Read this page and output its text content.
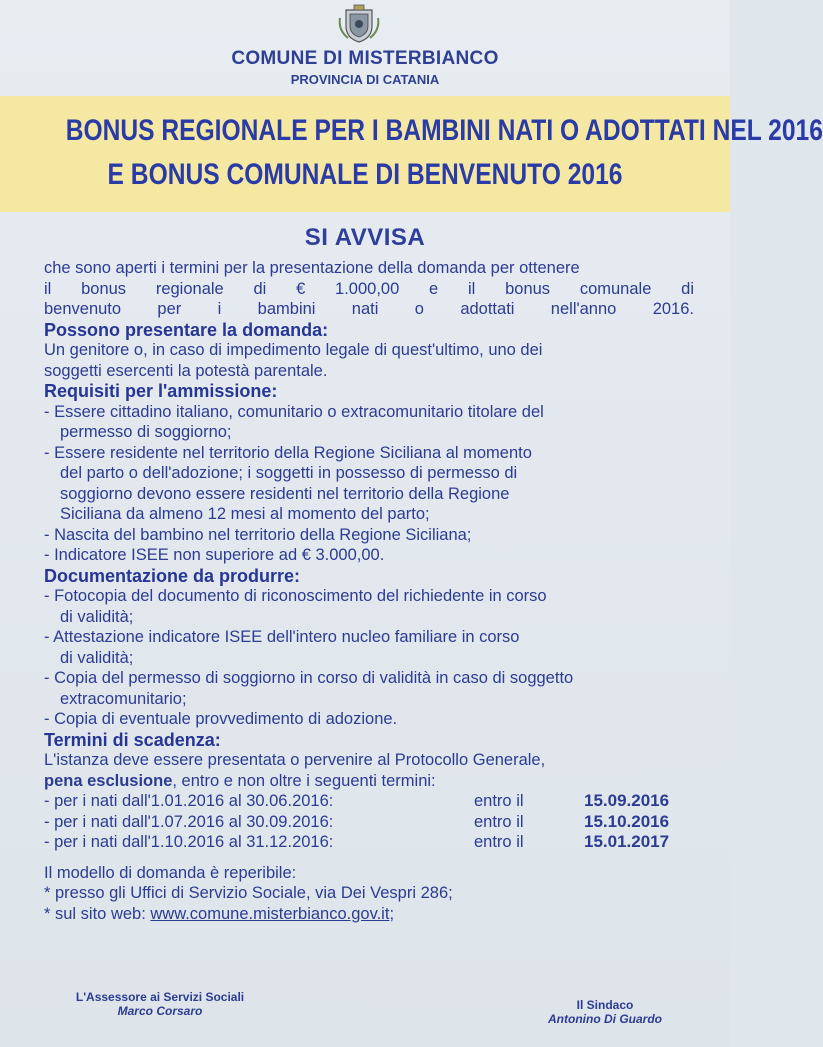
COMUNE DI MISTERBIANCO
PROVINCIA DI CATANIA
BONUS REGIONALE PER I BAMBINI NATI O ADOTTATI NEL 2016
E BONUS COMUNALE DI BENVENUTO 2016
SI AVVISA
che sono aperti i termini per la presentazione della domanda per ottenere
il bonus regionale di € 1.000,00 e il bonus comunale di
benvenuto per i bambini nati o adottati nell'anno 2016.
Possono presentare la domanda:
Un genitore o, in caso di impedimento legale di quest'ultimo, uno dei
soggetti esercenti la potestà parentale.
Requisiti per l'ammissione:
- Essere cittadino italiano, comunitario o extracomunitario titolare del
permesso di soggiorno;
- Essere residente nel territorio della Regione Siciliana al momento
del parto o dell'adozione; i soggetti in possesso di permesso di
soggiorno devono essere residenti nel territorio della Regione
Siciliana da almeno 12 mesi al momento del parto;
- Nascita del bambino nel territorio della Regione Siciliana;
- Indicatore ISEE non superiore ad € 3.000,00.
Documentazione da produrre:
- Fotocopia del documento di riconoscimento del richiedente in corso
di validità;
- Attestazione indicatore ISEE dell'intero nucleo familiare in corso
di validità;
- Copia del permesso di soggiorno in corso di validità in caso di soggetto
extracomunitario;
- Copia di eventuale provvedimento di adozione.
Termini di scadenza:
L'istanza deve essere presentata o pervenire al Protocollo Generale,
pena esclusione, entro e non oltre i seguenti termini:
- per i nati dall'1.01.2016 al 30.06.2016:	entro il	15.09.2016
- per i nati dall'1.07.2016 al 30.09.2016:	entro il	15.10.2016
- per i nati dall'1.10.2016 al 31.12.2016:	entro il	15.01.2017
Il modello di domanda è reperibile:
* presso gli Uffici di Servizio Sociale, via Dei Vespri 286;
* sul sito web: www.comune.misterbianco.gov.it;
L'Assessore ai Servizi Sociali
Marco Corsaro	Il Sindaco
Antonino Di Guardo
